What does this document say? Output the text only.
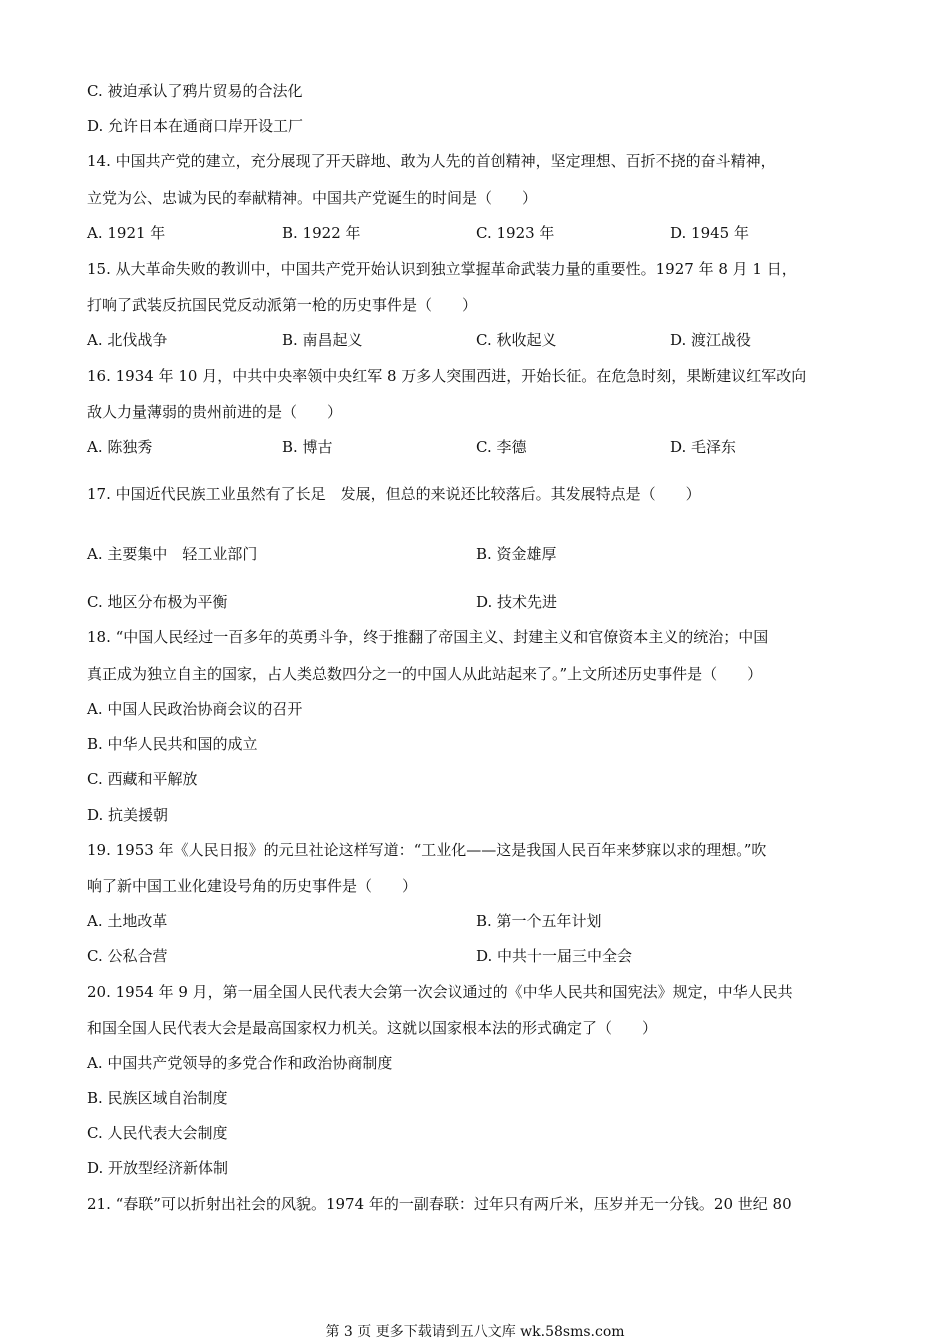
C. 被迫承认了鸦片贸易的合法化
D. 允许日本在通商口岸开设工厂
14. 中国共产党的建立，充分展现了开天辟地、敢为人先的首创精神，坚定理想、百折不挠的奋斗精神，
立党为公、忠诚为民的奉献精神。中国共产党诞生的时间是（　　）
A. 1921 年	B. 1922 年	C. 1923 年	D. 1945 年
15. 从大革命失败的教训中，中国共产党开始认识到独立掌握革命武装力量的重要性。1927 年 8 月 1 日，
打响了武装反抗国民党反动派第一枪的历史事件是（　　）
A. 北伐战争	B. 南昌起义	C. 秋收起义	D. 渡江战役
16. 1934 年 10 月，中共中央率领中央红军 8 万多人突围西进，开始长征。在危急时刻，果断建议红军改向
敌人力量薄弱的贵州前进的是（　　）
A. 陈独秀	B. 博古	C. 李德	D. 毛泽东
17. 中国近代民族工业虽然有了长足　发展，但总的来说还比较落后。其发展特点是（　　）
A. 主要集中　轻工业部门	B. 资金雄厚
C. 地区分布极为平衡	D. 技术先进
18. “中国人民经过一百多年的英勇斗争，终于推翻了帝国主义、封建主义和官僚资本主义的统治；中国
真正成为独立自主的国家，占人类总数四分之一的中国人从此站起来了。”上文所述历史事件是（　　）
A. 中国人民政治协商会议的召开
B. 中华人民共和国的成立
C. 西藏和平解放
D. 抗美援朝
19. 1953 年《人民日报》的元旦社论这样写道：“工业化——这是我国人民百年来梦寐以求的理想。”吹
响了新中国工业化建设号角的历史事件是（　　）
A. 土地改革	B. 第一个五年计划
C. 公私合营	D. 中共十一届三中全会
20. 1954 年 9 月，第一届全国人民代表大会第一次会议通过的《中华人民共和国宪法》规定，中华人民共
和国全国人民代表大会是最高国家权力机关。这就以国家根本法的形式确定了（　　）
A. 中国共产党领导的多党合作和政治协商制度
B. 民族区域自治制度
C. 人民代表大会制度
D. 开放型经济新体制
21. “春联”可以折射出社会的风貌。1974 年的一副春联：过年只有两斤米，压岁并无一分钱。20 世纪 80
第 3 页 更多下载请到五八文库 wk.58sms.com
